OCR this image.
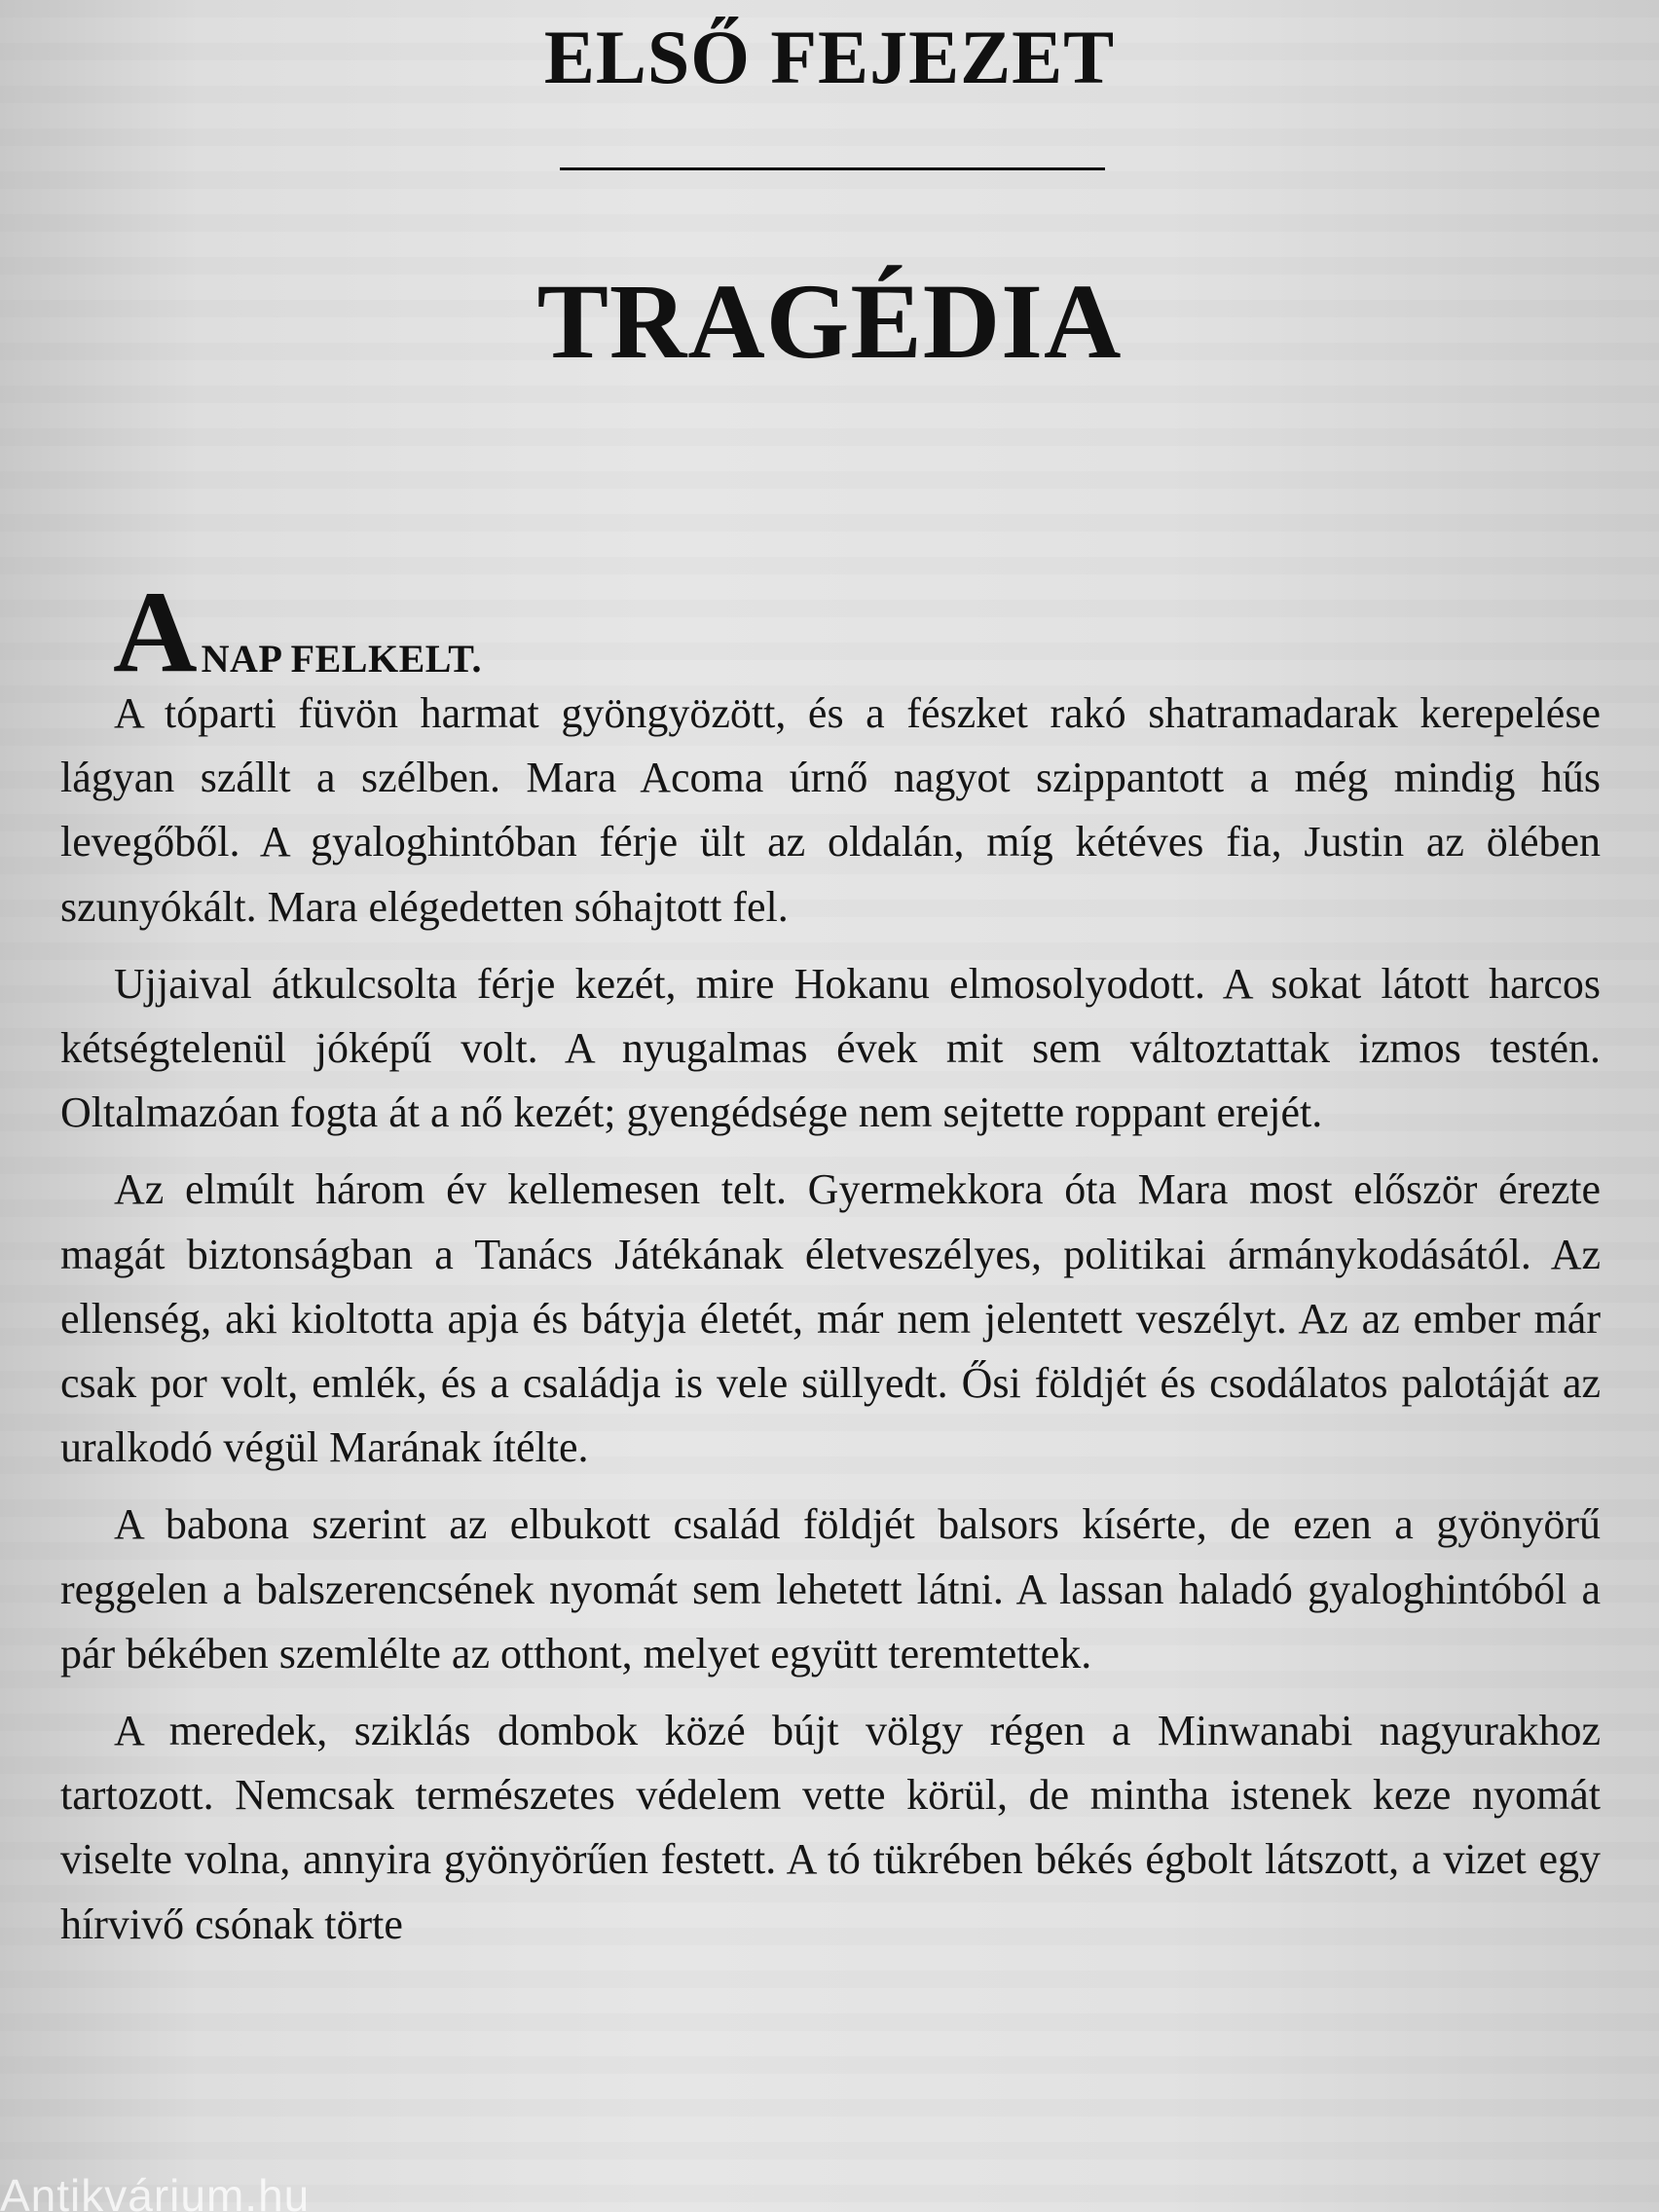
ELSŐ FEJEZET
TRAGÉDIA
A NAP FELKELT.

A tóparti füvön harmat gyöngyözött, és a fészket rakó shatramadarak kerepelése lágyan szállt a szélben. Mara Acoma úrnő nagyot szippantott a még mindig hűs levegőből. A gyaloghintóban férje ült az oldalán, míg kétéves fia, Justin az ölében szunyókált. Mara elégedetten sóhajtott fel.

Ujjaival átkulcsolta férje kezét, mire Hokanu elmosolyodott. A sokat látott harcos kétségtelenül jóképű volt. A nyugalmas évek mit sem változtattak izmos testén. Oltalmazóan fogta át a nő kezét; gyengédsége nem sejtette roppant erejét.

Az elmúlt három év kellemesen telt. Gyermekkora óta Mara most először érezte magát biztonságban a Tanács Játékának életveszélyes, politikai ármánykodásától. Az ellenség, aki kioltotta apja és bátyja életét, már nem jelentett veszélyt. Az az ember már csak por volt, emlék, és a családja is vele süllyedt. Ősi földjét és csodálatos palotáját az uralkodó végül Marának ítélte.

A babona szerint az elbukott család földjét balsors kísérte, de ezen a gyönyörű reggelen a balszerencsének nyomát sem lehetett látni. A lassan haladó gyaloghintóból a pár békében szemlélte az otthont, melyet együtt teremtettek.

A meredek, sziklás dombok közé bújt völgy régen a Minwanabi nagyurakhoz tartozott. Nemcsak természetes védelem vette körül, de mintha istenek keze nyomát viselte volna, annyira gyönyörűen festett. A tó tükrében békés égbolt látszott, a vizet egy hírvivő csónak törte

Antikvárium.hu
